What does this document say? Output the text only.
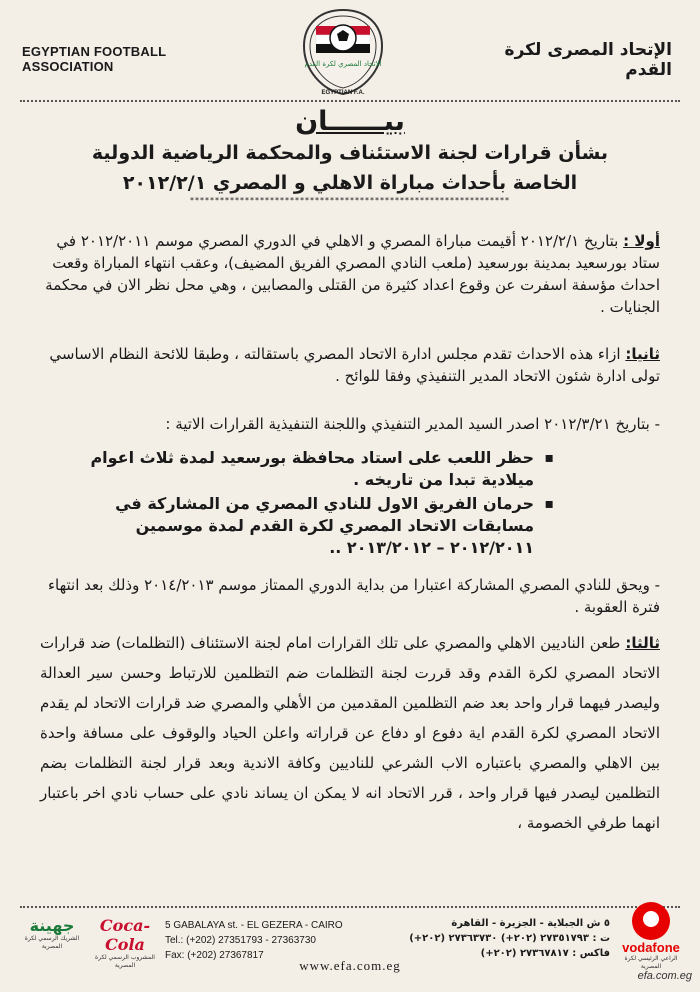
EGYPTIAN FOOTBALL ASSOCIATION	الاتحاد المصري لكرة القدم
EGYPTIAN F.A.
الإتحاد المصرى لكرة القدم
بيــــــان
بشأن قرارات لجنة الاستئناف والمحكمة الرياضية الدولية
الخاصة بأحداث مباراة الاهلي و المصري ٢٠١٢/٢/١
****************************************************************
أولا : بتاريخ ٢٠١٢/٢/١ أقيمت مباراة المصري و الاهلي في الدوري المصري موسم ٢٠١٢/٢٠١١ في ستاد بورسعيد بمدينة بورسعيد (ملعب النادي المصري الفريق المضيف)، وعقب انتهاء المباراة وقعت احداث مؤسفة اسفرت عن وقوع اعداد كثيرة من القتلى والمصابين ، وهي محل نظر الان في محكمة الجنايات .
ثانيا: ازاء هذه الاحداث تقدم مجلس ادارة الاتحاد المصري باستقالته ، وطبقا للائحة النظام الاساسي تولى ادارة شئون الاتحاد المدير التنفيذي وفقا للوائح .
- بتاريخ ٢٠١٢/٣/٢١ اصدر السيد المدير التنفيذي واللجنة التنفيذية القرارات الاتية :
▪ حظر اللعب على استاد محافظة بورسعيد لمدة ثلاث اعوام ميلادية تبدا من تاريخه .
▪ حرمان الفريق الاول للنادي المصري من المشاركة في مسابقات الاتحاد المصري لكرة القدم لمدة موسمين ٢٠١٢/٢٠١١ – ٢٠١٣/٢٠١٢ ..
- ويحق للنادي المصري المشاركة اعتبارا من بداية الدوري الممتاز موسم ٢٠١٤/٢٠١٣ وذلك بعد انتهاء فترة العقوبة .
ثالثا: طعن الناديين الاهلي والمصري على تلك القرارات امام لجنة الاستئناف (التظلمات) ضد قرارات الاتحاد المصري لكرة القدم وقد قررت لجنة التظلمات ضم التظلمين للارتباط وحسن سير العدالة وليصدر فيهما قرار واحد بعد ضم التظلمين المقدمين من الأهلي والمصري ضد قرارات الاتحاد لم يقدم الاتحاد المصري لكرة القدم اية دفوع او دفاع عن قراراته واعلن الحياد والوقوف على مسافة واحدة بين الاهلي والمصري باعتباره الاب الشرعي للناديين وكافة الاندية وبعد قرار لجنة التظلمات بضم التظلمين ليصدر فيها قرار واحد ، قرر الاتحاد انه لا يمكن ان يساند نادي على حساب نادي اخر باعتبار انهما طرفي الخصومة ،
جهينة
الشريك الرسمي لكرة المصرية
Coca-Cola
المشروب الرسمي لكرة المصرية
5 GABALAYA st. - EL GEZERA - CAIRO
Tel.: (+202) 27351793 - 27363730
Fax: (+202) 27367817
٥ ش الجبلاية - الجزيرة - القاهرة
ت : ٢٧٣٥١٧٩٣ (٢٠٢+) ٢٧٣٦٣٧٣٠ (٢٠٢+)
فاكس : ٢٧٣٦٧٨١٧ (٢٠٢+) vodafone
الراعي الرئيسي لكرة المصرية
www.efa.com.eg
efa.com.eg
